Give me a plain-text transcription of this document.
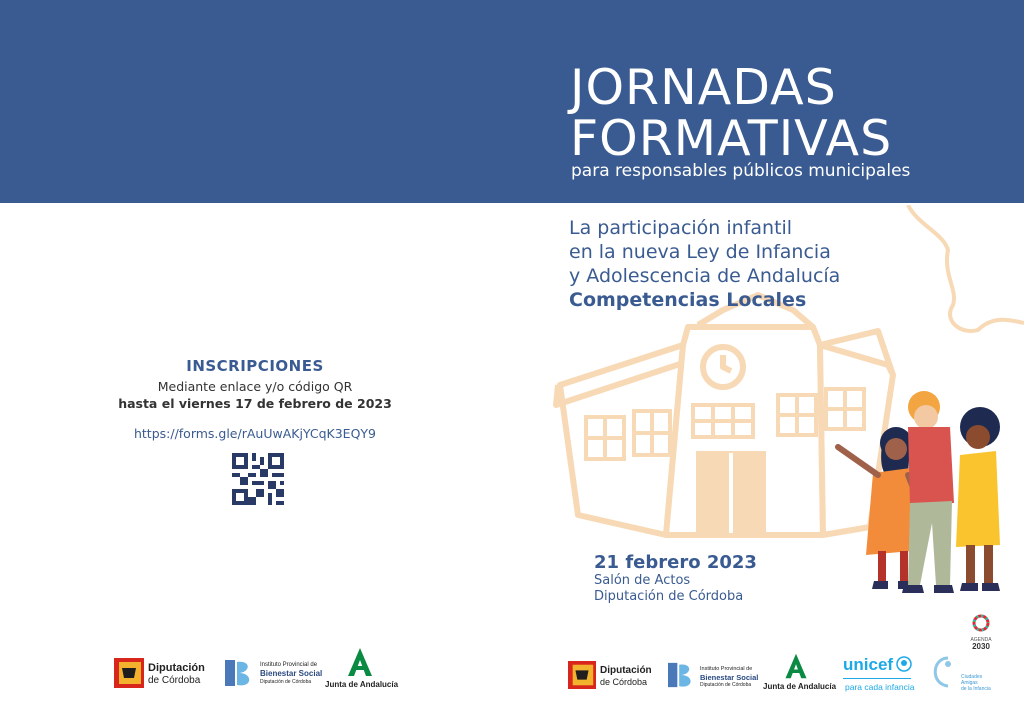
JORNADAS
FORMATIVAS
para responsables públicos municipales
La participación infantil
en la nueva Ley de Infancia
y Adolescencia de Andalucía
Competencias Locales
21 febrero 2023
Salón de Actos
Diputación de Córdoba
INSCRIPCIONES
Mediante enlace y/o código QR
hasta el viernes 17 de febrero de 2023
https://forms.gle/rAuUwAKjYCqK3EQY9
Diputación
de Córdoba
Instituto Provincial de
Bienestar Social
Diputación de Córdoba Junta de Andalucía
Diputación
de Córdoba
Instituto Provincial de
Bienestar Social
Diputación de Córdoba Junta de Andalucía
unicef
para cada infancia
Ciudades
Amigas
de la Infancia
AGENDA
2030
